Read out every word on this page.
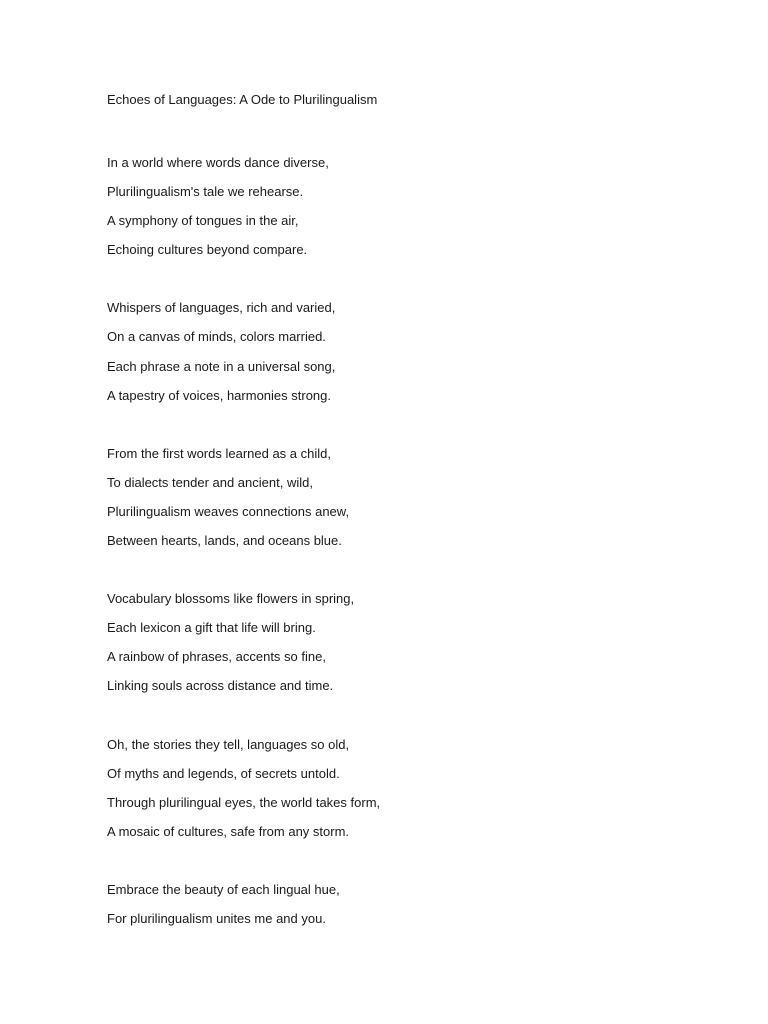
Echoes of Languages: A Ode to Plurilingualism
In a world where words dance diverse,
Plurilingualism's tale we rehearse.
A symphony of tongues in the air,
Echoing cultures beyond compare.
Whispers of languages, rich and varied,
On a canvas of minds, colors married.
Each phrase a note in a universal song,
A tapestry of voices, harmonies strong.
From the first words learned as a child,
To dialects tender and ancient, wild,
Plurilingualism weaves connections anew,
Between hearts, lands, and oceans blue.
Vocabulary blossoms like flowers in spring,
Each lexicon a gift that life will bring.
A rainbow of phrases, accents so fine,
Linking souls across distance and time.
Oh, the stories they tell, languages so old,
Of myths and legends, of secrets untold.
Through plurilingual eyes, the world takes form,
A mosaic of cultures, safe from any storm.
Embrace the beauty of each lingual hue,
For plurilingualism unites me and you.
